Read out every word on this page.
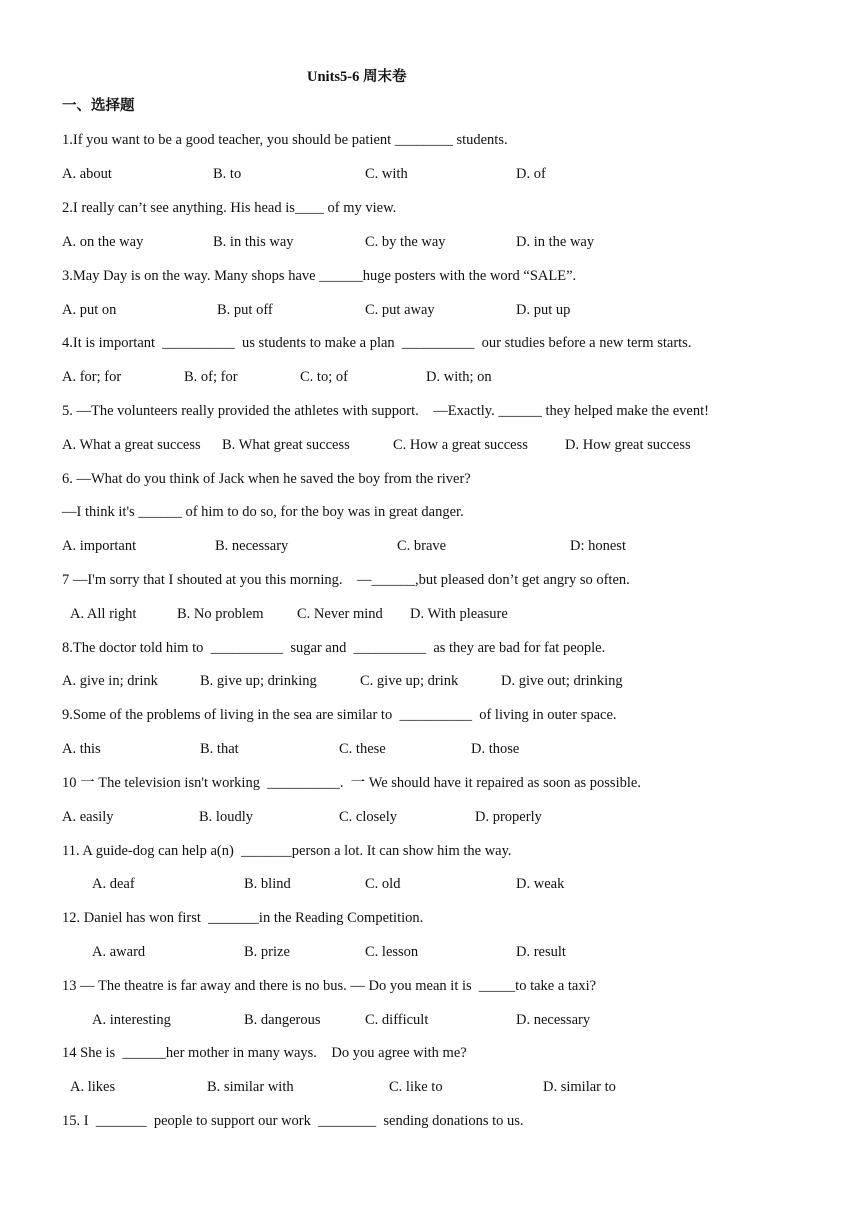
Units5-6 周末卷
一、选择题
1.If you want to be a good teacher, you should be patient ________ students.
A. about	B. to	C. with	D. of
2.I really can’t see anything. His head is____ of my view.
A. on the way	B. in this way	C. by the way	D. in the way
3.May Day is on the way. Many shops have ______huge posters with the word “SALE”.
A. put on	B. put off	C. put away	D. put up
4.It is important  __________  us students to make a plan  __________  our studies before a new term starts.
A. for; for	B. of; for	C. to; of	D. with; on
5. —The volunteers really provided the athletes with support.    —Exactly. ______ they helped make the event!
A. What a great success B. What great success	C. How a great success	D. How great success
6. —What do you think of Jack when he saved the boy from the river?
—I think it's ______ of him to do so, for the boy was in great danger.
A. important	B. necessary	C. brave	D: honest
7 —I'm sorry that I shouted at you this morning.    —______,but pleased don’t get angry so often.
A. All right	B. No problem C. Never mind D. With pleasure
8.The doctor told him to  __________  sugar and  __________  as they are bad for fat people.
A. give in; drink	B. give up; drinking	C. give up; drink	D. give out; drinking
9.Some of the problems of living in the sea are similar to  __________  of living in outer space.
A. this	B. that	C. these	D. those
10 一 The television isn't working  __________.  一 We should have it repaired as soon as possible.
A. easily	B. loudly	C. closely	D. properly
11. A guide-dog can help a(n)  _______person a lot. It can show him the way.
A. deaf	B. blind	C. old	D. weak
12. Daniel has won first  _______in the Reading Competition.
A. award	B. prize	C. lesson	D. result
13 — The theatre is far away and there is no bus. — Do you mean it is  _____to take a taxi?
A. interesting	B. dangerous	C. difficult	D. necessary
14 She is  ______her mother in many ways.    Do you agree with me?
A. likes	B. similar with	C. like to	D. similar to
15. I  _______  people to support our work  ________  sending donations to us.
